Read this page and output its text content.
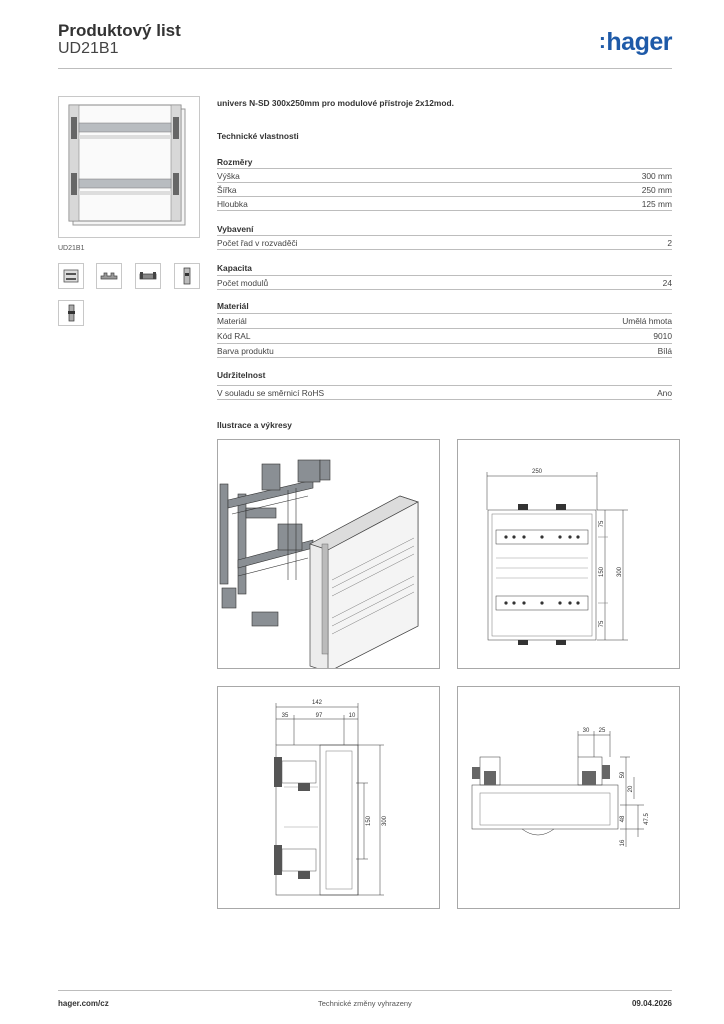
Produktový list
UD21B1	:hager
UD21B1
univers N-SD 300x250mm pro modulové přístroje 2x12mod.
Technické vlastnosti
Rozměry
Výška	300 mm
Šířka	250 mm
Hloubka	125 mm
Vybavení
Počet řad v rozvaděči	2
Kapacita
Počet modulů	24
Materiál
Materiál	Umělá hmota
Kód RAL	9010
Barva produktu	Bílá
Udržitelnost
V souladu se směrnicí RoHS	Ano
Ilustrace a výkresy
250
75
150
75
300
142
35	97	10
150 300
30 25
20
59
48	47.5
16
hager.com/cz	Technické změny vyhrazeny	09.04.2026
